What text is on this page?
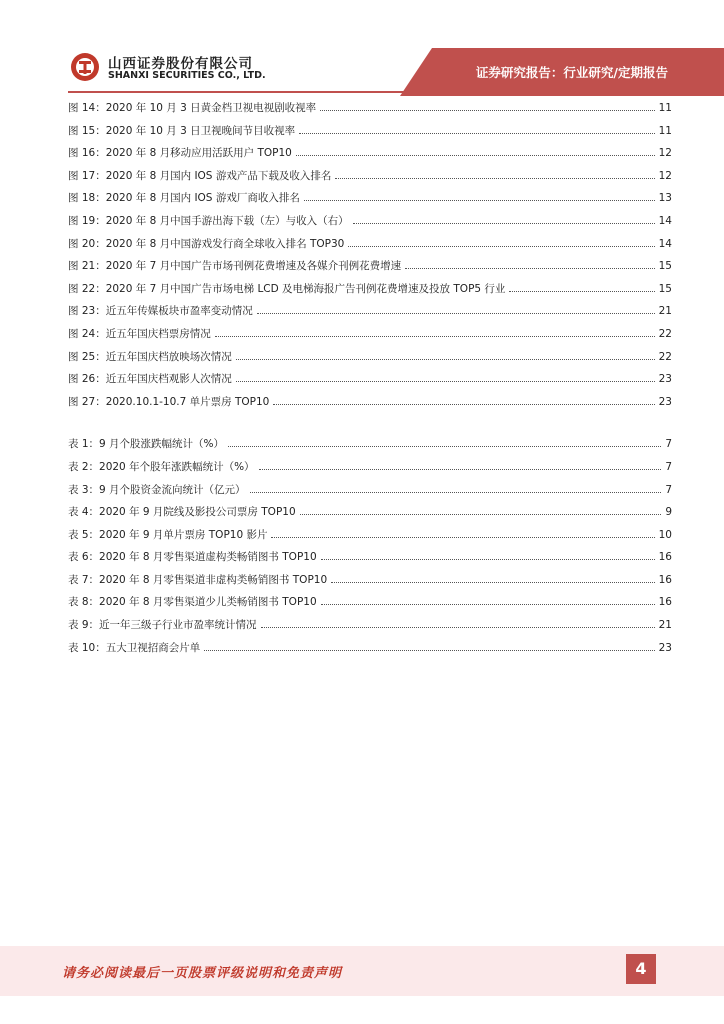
山西证券股份有限公司
SHANXI SECURITIES CO., LTD.	证券研究报告：行业研究/定期报告
图 14：2020 年 10 月 3 日黄金档卫视电视剧收视率	11
图 15：2020 年 10 月 3 日卫视晚间节目收视率	11
图 16：2020 年 8 月移动应用活跃用户 TOP10	12
图 17：2020 年 8 月国内 IOS 游戏产品下载及收入排名	12
图 18：2020 年 8 月国内 IOS 游戏厂商收入排名	13
图 19：2020 年 8 月中国手游出海下载（左）与收入（右）	14
图 20：2020 年 8 月中国游戏发行商全球收入排名 TOP30	14
图 21：2020 年 7 月中国广告市场刊例花费增速及各媒介刊例花费增速	15
图 22：2020 年 7 月中国广告市场电梯 LCD 及电梯海报广告刊例花费增速及投放 TOP5 行业	15
图 23：近五年传媒板块市盈率变动情况	21
图 24：近五年国庆档票房情况	22
图 25：近五年国庆档放映场次情况	22
图 26：近五年国庆档观影人次情况	23
图 27：2020.10.1-10.7 单片票房 TOP10	23
表 1：9 月个股涨跌幅统计（%）	7
表 2：2020 年个股年涨跌幅统计（%）	7
表 3：9 月个股资金流向统计（亿元）	7
表 4：2020 年 9 月院线及影投公司票房 TOP10	9
表 5：2020 年 9 月单片票房 TOP10 影片	10
表 6：2020 年 8 月零售渠道虚构类畅销图书 TOP10	16
表 7：2020 年 8 月零售渠道非虚构类畅销图书 TOP10	16
表 8：2020 年 8 月零售渠道少儿类畅销图书 TOP10	16
表 9：近一年三级子行业市盈率统计情况	21
表 10：五大卫视招商会片单	23
请务必阅读最后一页股票评级说明和免责声明	4
